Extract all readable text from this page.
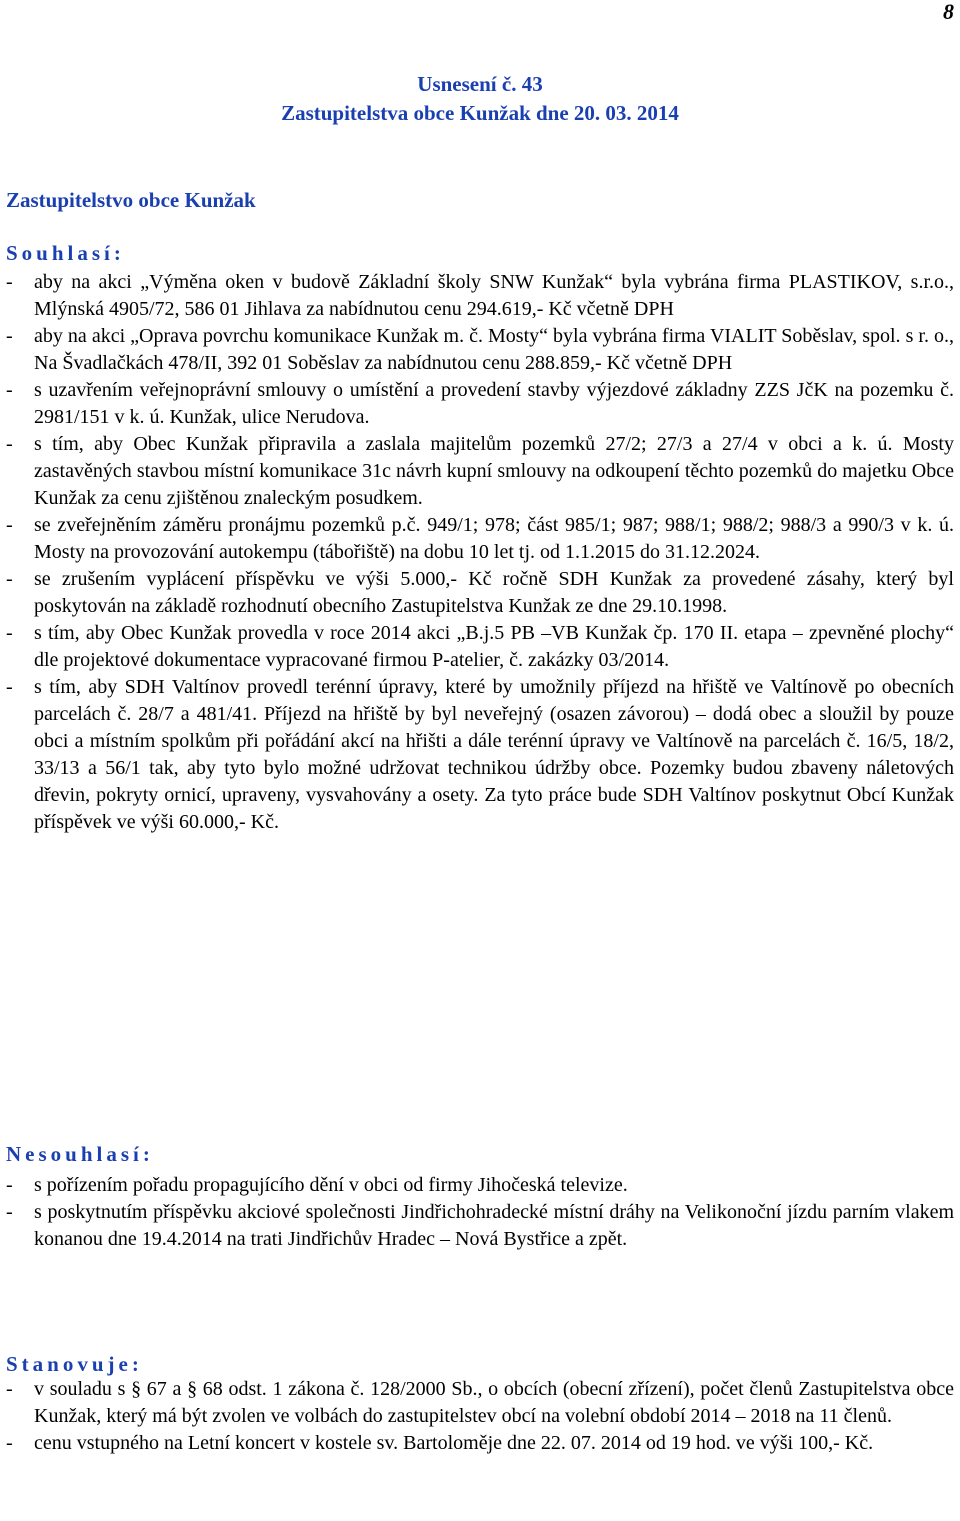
8
Usnesení č. 43
Zastupitelstva obce Kunžak dne 20. 03. 2014
Zastupitelstvo obce Kunžak
Souhlasí:
- aby na akci „Výměna oken v budově Základní školy SNW Kunžak“ byla vybrána firma PLASTIKOV, s.r.o., Mlýnská 4905/72, 586 01 Jihlava za nabídnutou cenu 294.619,- Kč včetně DPH
- aby na akci „Oprava povrchu komunikace Kunžak m. č. Mosty“ byla vybrána firma VIALIT Soběslav, spol. s r. o., Na Švadlačkách 478/II, 392 01 Soběslav za nabídnutou cenu 288.859,- Kč včetně DPH
- s uzavřením veřejnoprávní smlouvy o umístění a provedení stavby výjezdové základny ZZS JčK na pozemku č. 2981/151 v k. ú. Kunžak, ulice Nerudova.
- s tím, aby Obec Kunžak připravila a zaslala majitelům pozemků 27/2; 27/3 a 27/4 v obci a k. ú. Mosty zastavěných stavbou místní komunikace 31c návrh kupní smlouvy na odkoupení těchto pozemků do majetku Obce Kunžak za cenu zjištěnou znaleckým posudkem.
- se zveřejněním záměru pronájmu pozemků p.č. 949/1; 978; část 985/1; 987; 988/1; 988/2; 988/3 a 990/3 v k. ú. Mosty na provozování autokempu (tábořiště) na dobu 10 let tj. od 1.1.2015 do 31.12.2024.
- se zrušením vyplácení příspěvku ve výši 5.000,- Kč ročně SDH Kunžak za provedené zásahy, který byl poskytován na základě rozhodnutí obecního Zastupitelstva Kunžak ze dne 29.10.1998.
- s tím, aby Obec Kunžak provedla v roce 2014 akci „B.j.5 PB –VB Kunžak čp. 170 II. etapa – zpevněné plochy“ dle projektové dokumentace vypracované firmou P-atelier, č. zakázky 03/2014.
- s tím, aby SDH Valtínov provedl terénní úpravy, které by umožnily příjezd na hřiště ve Valtínově po obecních parcelách č. 28/7 a 481/41. Příjezd na hřiště by byl neveřejný (osazen závorou) – dodá obec a sloužil by pouze obci a místním spolkům při pořádání akcí na hřišti a dále terénní úpravy ve Valtínově na parcelách č. 16/5, 18/2, 33/13 a 56/1 tak, aby tyto bylo možné udržovat technikou údržby obce. Pozemky budou zbaveny náletových dřevin, pokryty ornicí, upraveny, vysvahovány a osety. Za tyto práce bude SDH Valtínov poskytnut Obcí Kunžak příspěvek ve výši 60.000,- Kč.
Nesouhlasí:
- s pořízením pořadu propagujícího dění v obci od firmy Jihočeská televize.
- s poskytnutím příspěvku akciové společnosti Jindřichohradecké místní dráhy na Velikonoční jízdu parním vlakem konanou dne 19.4.2014 na trati Jindřichův Hradec – Nová Bystřice a zpět.
Stanovuje:
- v souladu s § 67 a § 68 odst. 1 zákona č. 128/2000 Sb., o obcích (obecní zřízení), počet členů Zastupitelstva obce Kunžak, který má být zvolen ve volbách do zastupitelstev obcí na volební období 2014 – 2018 na 11 členů.
- cenu vstupného na Letní koncert v kostele sv. Bartoloměje dne 22. 07. 2014 od 19 hod. ve výši 100,- Kč.
